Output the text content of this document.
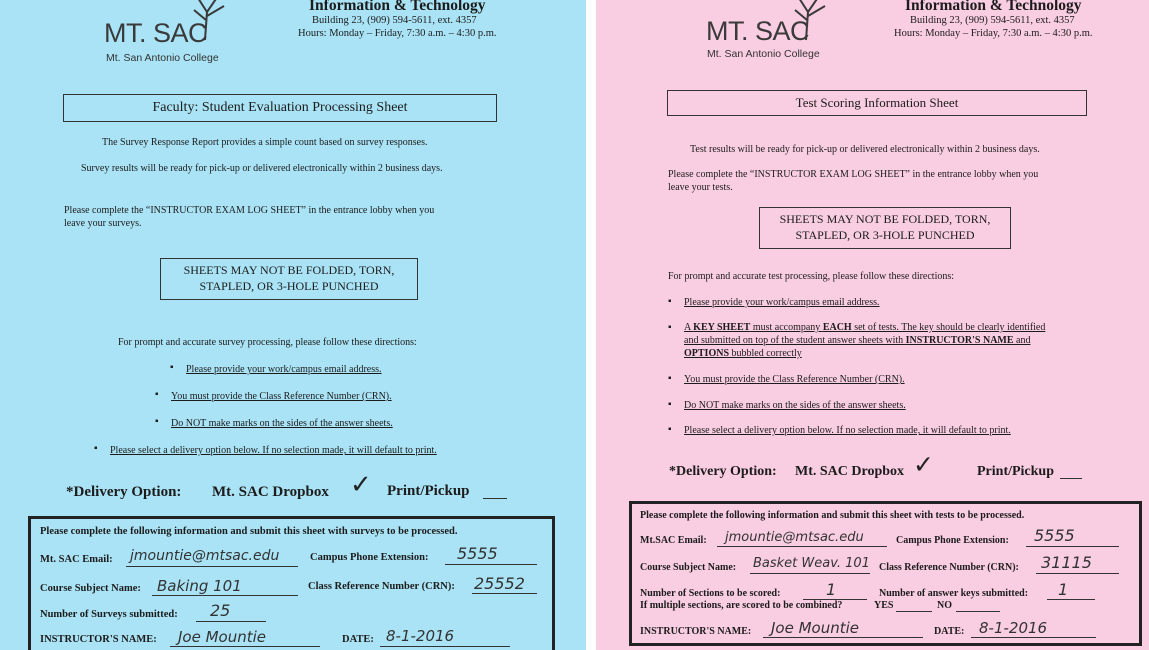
MT. SAC
Mt. San Antonio College
Information & Technology
Building 23, (909) 594-5611, ext. 4357
Hours: Monday – Friday, 7:30 a.m. – 4:30 p.m.
Faculty: Student Evaluation Processing Sheet
The Survey Response Report provides a simple count based on survey responses.
Survey results will be ready for pick-up or delivered electronically within 2 business days.
Please complete the “INSTRUCTOR EXAM LOG SHEET” in the entrance lobby when you
leave your surveys.
SHEETS MAY NOT BE FOLDED, TORN,
STAPLED, OR 3-HOLE PUNCHED
For prompt and accurate survey processing, please follow these directions:
▪ Please provide your work/campus email address.
▪ You must provide the Class Reference Number (CRN).
▪ Do NOT make marks on the sides of the answer sheets.
▪ Please select a delivery option below. If no selection made, it will default to print.
*Delivery Option: Mt. SAC Dropbox ✓ Print/Pickup
Please complete the following information and submit this sheet with surveys to be processed.
Mt. SAC Email: jmountie@mtsac.edu	Campus Phone Extension: 5555
Course Subject Name: Baking 101	Class Reference Number (CRN): 25552
Number of Surveys submitted: 25
INSTRUCTOR'S NAME: Joe Mountie	DATE: 8-1-2016
MT. SAC
Mt. San Antonio College
Information & Technology
Building 23, (909) 594-5611, ext. 4357
Hours: Monday – Friday, 7:30 a.m. – 4:30 p.m.
Test Scoring Information Sheet
Test results will be ready for pick-up or delivered electronically within 2 business days.
Please complete the “INSTRUCTOR EXAM LOG SHEET” in the entrance lobby when you
leave your tests.
SHEETS MAY NOT BE FOLDED, TORN,
STAPLED, OR 3-HOLE PUNCHED
For prompt and accurate test processing, please follow these directions:
▪ Please provide your work/campus email address.
▪ A KEY SHEET must accompany EACH set of tests. The key should be clearly identified
and submitted on top of the student answer sheets with INSTRUCTOR'S NAME and
OPTIONS bubbled correctly
▪ You must provide the Class Reference Number (CRN).
▪ Do NOT make marks on the sides of the answer sheets.
▪ Please select a delivery option below. If no selection made, it will default to print.
*Delivery Option: Mt. SAC Dropbox ✓	Print/Pickup
Please complete the following information and submit this sheet with tests to be processed.
Mt.SAC Email: jmountie@mtsac.edu	Campus Phone Extension: 5555
Course Subject Name: Basket Weav. 101 Class Reference Number (CRN): 31115
Number of Sections to be scored:	1	Number of answer keys submitted: 1
If multiple sections, are scored to be combined?	YES	NO
INSTRUCTOR'S NAME: Joe Mountie	DATE: 8-1-2016
